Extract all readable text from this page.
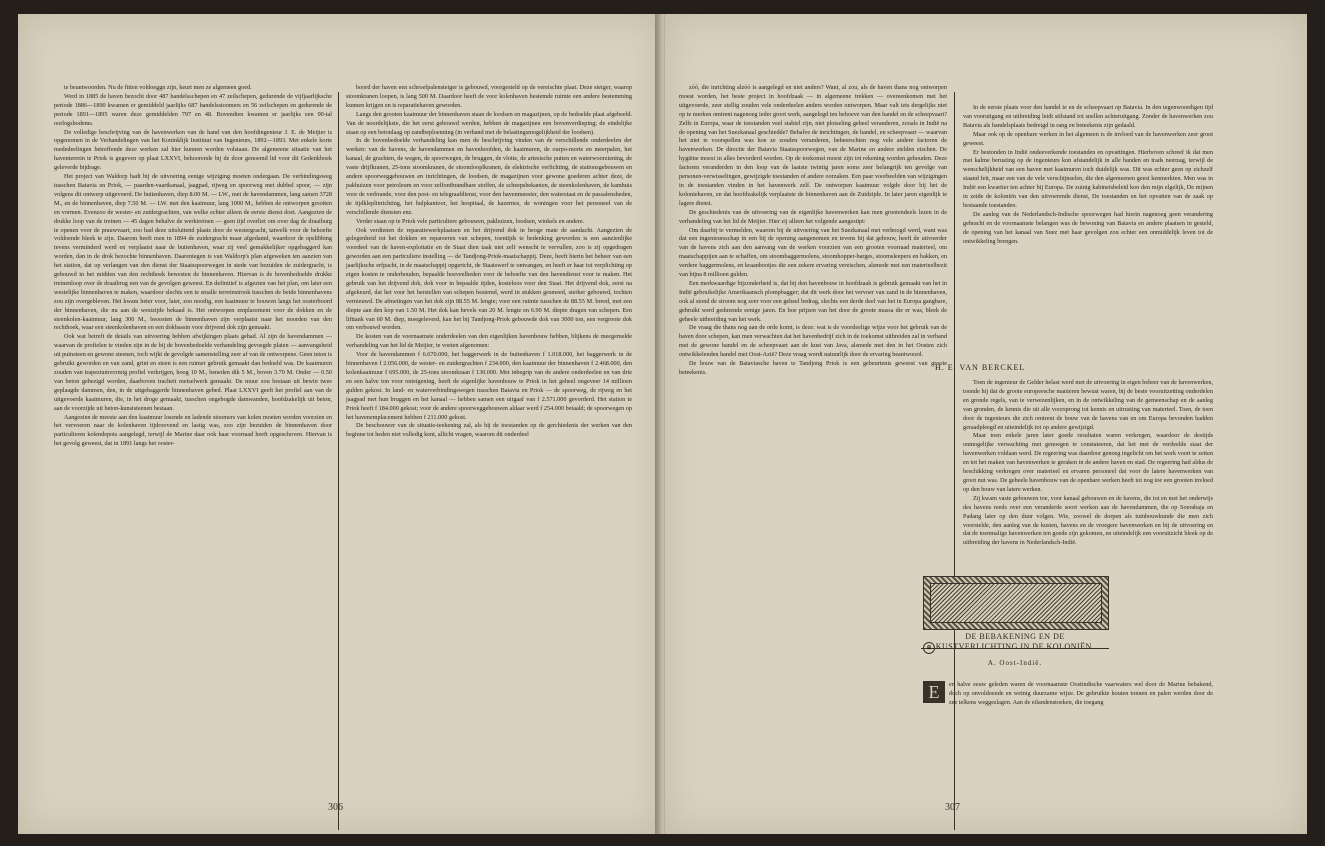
te beantwoorden. Nu de fitten voldoeggn zijn, keurt men ze algemeen goed.

Werd in 1885 de haven bezocht door 487 handelsschepen en 47 zeilschepen, gedurende de vijfjaarlijksche periode 1886—1890 kwamen er gemiddeld jaarlijks 687 handelsstoomers en 56 zeilschepen en gedurende de periode 1891—1895 waren deze gemiddelden 797 en 48. Bovendien kwamen er jaarlijks een 90-tal oorlogsbodems.

De volledige beschrijving van de havenwerken van de hand van den hoofdingenieur J. E. de Meijier is opgenomen in de Verhandelingen van het Koninklijk Instituut van Ingenieurs, 1892—1893. Met enkele korte mededeelingen betreffende deze werken zal hier kunnen worden volstaan. De algemeene situatie van het haventerrein te Priok is gegeven op plaat LXXVI, behoorende bij de door genoemd lid voor dit Gedenkboek geleverde bijdrage.

Het project van Waldorp hadt bij de uitvoering eenige wijziging moeten ondergaan. De verbindingsweg tusschen Batavia en Priok, — paarden-vaartkanaal, jaagpad, rijweg en spoorweg met dubbel spoor, — zijn volgens dit ontwerp uitgevoerd. De buitenhaven, diep 8.00 M. — LW., met de havendammen, lang samen 3728 M., en de binnenhaven, diep 7.50 M. — LW. met den kaaimuur, lang 1000 M., hebben de ontworpen grootten en vormen. Evenzoo de wester- en zuidergrachten, van welke echter alleen de eerste dienst doet. Aangezien de drukke loop van de treinen — 45 dagen behalve de werktreinen — geen tijd overliet om over dag de draaiburg te openen voor de prauwvaart, zoo had deze uitsluitend plaats door de westergracht, tatwelk voor de behoefte voldoende bleek te zijn. Daarom heeft men in 1894 de zuidergracht maar afgedamd, waardoor de opslibbing tevens verminderd werd en verplaatst naar de buitenhaven, waar zij veel gemakkelijker opgebaggerd kan worden, dan in de drok bezochte binnenhaven. Daarentegen is van Waldorp's plan afgeweken ten aanzien van het station, dat op verlangen van den dienst der Staatsspoorwegen in stede van bezuiden de zuidergracht, is gebouwd in het midden van den rechthoek bewesten de binnenhaven. Hiervan is de bovenbedoelde drukke treinenloop over de draaibrug een van de gevolgen geweest. En definitief is afgezien van het plan, om later een westelijke binnenhaven te maken, waardoor slechts een te smalle terreinstrook tusschen de beide binnenhavens zou zijn overgebleven. Het kwam beter voor, later, zoo noodig, een kaaimuur te bouwen langs het oosterboord der binnenhaven, die nu aan de westzijde bekaad is. Het ontworpen emplacement voor de dokken en de steenkolen-kaaimuur, lang 300 M., beoosten de binnenhaven zijn verplaatst naar het noorden van den rechthoek, waar een steenkolenhaven en een dokbassin voor drijvend dok zijn gemaakt.

Ook wat betreft de details van uitvoering hebben afwijkingen plaats gehad. Al zijn de havendammen — waarvan de profielen te vinden zijn in de bij de bovenbedoelde verhandeling gevoegde platen — aanvangsheid uit puinsteen en gewone steenen, toch wijkt de gevolgde samenstelling zeer af van de ontworpene. Geen teton is gebruikt geworden en van zand, grint en steen is een ruimer gebruik gemaakt dan bedoeld was. De kaaimuren zouden van trapeziumvormig profiel verkrijgen, hoog 10 M., beneden dik 5 M., boven 3.70 M. Onder — 0.50 van beton gebezigd worden, daarboven tracheit metselwerk gemaakt. De muur zou bestaan uit bewin twee geplaagde dammen, den, in de uitgebaggerde binnenhaven gebed. Plaat LXXVI geeft het profiel aan van de uitgevoerde kaaimuren, die, in het droge gemaakt, tusschen ongebogde damwanden, hoofdzakelijk uit beton, aan de voorzijde uit beton-kunststeenen bestaan.

Aangezien de meeste aan den kaaimuur losende en ladende stoomers van kolen moeten worden voorzien en het vervoeren naar de kolenhaven tijdroovend en lastig was, zoo zijn bezuiden de binnenhaven door particulieren kolendepots aangelegd, terwijl de Marine daar ook haar voorraad heeft opgeschoven. Hiervan is het gevolg geweest, dat in 1891 langs het ooster-

boord der haven een schroefpalensteiger is gebouwd, voorgesteld op de vereischte plaat. Deze steiger, waarop stoomkranen loopen, is lang 500 M. Daardoor heeft de voor kolenhaven bestemde ruimte een andere bestemming kunnen krijgen en is reparatiehaven geworden.

Langs den grooten kaaimuur der binnenhaven staan de loodsen en magazijnen, op de bedoelde plaat afgebeeld. Van de noordelijkste, die het eerst gebouwd werden, hebben de magazijnen een bovenverdieping; de eindelijke staan op een betonlaag op zandbeploenning (in verband met de belastingsmogelijkheid der loodsen).

In de bovenbedoelde verhandeling kan men de beschrijving vinden van de verschillende onderdeelen der werken: van de havens, de havendammen en havenhoofden, de kaaimuren, de ourpo-morte en meerpalen, het kanaal, de grachten, de wegen, de spoorwegen, de bruggen, de vlotte, de artesische putten en waterwoorziening, de vaste drijfkranen, 25-tons stoomkranen, de stoomlooplkranen, de elektrische verlichting, de stationsgebouwen en andere spoorweggebouwen en inrichtingen, de loodsen, de magazijnen voor gewone goederen achter deze, de pakhuizen voor petroleum en voor zelfontbrandbare stoffen, de scheepsbekanten, de steenkolenhaven, de kamhuis voor de verbrande, voor den post- en telegraafdienst, voor den havenmeester, den waterstaat en de passalensheden, de tijdkleplinrichting, het hulpkantoor, het hospitaal, de kazernes, de woningen voor het personeel van de verschillende diensten enz.

Verder staan op te Priok vele particuliere gebouwen, pakhuizen, loodsen, winkels en andere.

Ook verdienen de reparatiewerkplaatsen en het drijvend dok in beoge mate de aandacht. Aangezien de gelegenheid tot het dokken en repareeren van schepen, toentijds te bedenking geworden is een aanzienlijke voordeel van de haven-exploitatie en de Staat dien taak niet zelf wenscht te vervullen, zoo is zij opgedragen geworden aan een particuliere instelling — de Tandjong-Priok-maatschappij. Deze, heeft hierin het beheer van een jaarlijksche erfpacht, in de maatschappij opgericht, de Staatswerf te ontvangen, en heeft er haar tot verplichting op eigen kosten te onderhouden, bepaalde hoeveelheden voor de behoefte van den havendienst voor te maken. Het gebruik van het drijvend dok, dok voor in bepaalde tijden, kosteloos voor den Staat. Het drijvend dok, eerst na afgekeurd, dat het voor het herstellen van schepen bestemd, werd in stukken gesmeed, sterker gebouwd, tochten vernieuwd. De afmetingen van het dok zijn 88.55 M. lengte; voor een ruimte tusschen de 88.55 M. breed, met een diepte aan den kop van 1.50 M. Het dok kan hevels van 20 M. lengte en 6.90 M. diepte dragen van schepen. Een lifttank van 60 M. diep, meegeleverd, kan het bij Tandjong-Priok gebouwde dok van 3000 ton, een vergroote dok om verbouwd worden.

De kosten van de voornaamste onderdeelen van den eigenlijken havenbouw hebben, blijkens de meegemelde verhandeling van het lid de Meijier, te voeten afgenomen:

Voor de havendammen f 6.670.000, het baggerwerk in de buitenhaven f 1.018.000, het baggerwerk in de binnenhaven f 2.056.000, de wester- en zuidergrachten f 234.000, den kaaimuur der binnenhaven f 2.468.000, den kolenkaaimuur f 695.000, de 25-tons stoomkraan f 130.000. Met inbegrip van de andere onderdeelen en van drie en een halve ton voor onteigening, heeft de eigenlijke havenbouw te Priok in het geheel ongeveer 14 millioen gulden gekost. In land- en waterverbindingswegen tusschen Batavia en Priok — de spoorweg, de rijweg en het jaagpad met hun bruggen en het kanaal — hebben samen een uitgaaf van f 2.571.000 gevorderd. Het station te Priok heeft f 184.000 gekost; voor de andere spoorweggebouwen aldaar werd f 254.000 betaald; de spoorwegen op het havenemplacement hebben f 211.000 gekost.

De beschouwer van de situatie-teekening zal, als hij de toestanden op de gerchiedenis der werken van den beginne tot heden niet volledig kent, allicht vragen, waarom dit onderdeel

306

zóó, die inrichting alzóó is aangelegd en niet anders? Want, al zou, als de haven thans nog ontworpen moest worden, het beste project in hoofdzaak — in algemeene trekken — overeenkomen met het uitgevoerde, zeer stellig zouden vele onderdeelen anders worden ontworpen. Maar valt iets dergelijks niet op te merken omtrent nagenoeg ieder groot werk, aangelegd ten behoeve van den handel en de scheepvaart? Zelfs in Europa, waar de toestanden veel stabiel zijn, niet plotseling geheel veranderen, zooals in Indië na de opening van het Suezkanaal geschiedde? Behalve de inrichtingen, de handel, en scheepvaart — waarvan het niet te voorspellen was hoe ze zouden veranderen, beheerschten nog vele andere factoren de havenwerken. De directie der Batavia Staatsspoorwegen, van de Marine en andere stelden eischen. De hygiëne moest in alles bevorderd worden. Op de toekomst moest zijn tot rekening worden gehouden. Deze factoren veranderden in den loop van de laatste twintig jaren soms zeer belangrijk ten gevolge van personen-verwisselingen, gewijzigde toestanden of andere oorzaken. Een paar voorbeelden van wijzigingen in de toestanden vinden in het havenwerk zelf. De ontworpen kaaimuur volgde door bij het de koloniehaven, en dat hoofdzakelijk verplaatste de binnenhaven aan de Zuidzijde. In later jaren eigenlijk te lagere dienst.

De geschiedenis van de uitvoering van de eigenlijke havenwerken kan men grootendeels lezen in de verhandeling van het lid de Meijier. Hier zij alleen het volgende aangestipt:

Om daarbij te vermelden, waarom bij de uitvoering van het Suezkanaal met verhoogd werd, want was dat een ingenieursschap in een bij de opening aangenomen en tevens bij dat gebouw, heeft de uitvoerder van de havens zich aan den aanvang van de werken voorzien van een grooten voorraad materieel, om maatschappijen aan te schaffen, om stoombaggermolens, stoomhopper-barges, stoomsleepers en bakken, en verdere baggermolens, en kraanbootjes die een zekere ervaring vereischen, alsmede met een materieelbezit van bijna 8 millioen gulden.

Een merkwaardige bijzonderheid is, dat bij den havenbouw in hoofdzaak is gebruik gemaakt van het in Indië gebruikelijke Amerikaansch plompbagger; dat dit werk door het vervoer van zand in de binnenhaven, ook al stond de stroom nog zeer voor een geheel bedrag, slechts een derde deel van het in Europa gangbare, gebruikt werd gedurende eenige jaren. En hoe prijzen van het door de groote massa die er was, bleek de geheele uitbreiding van het werk.

De vraag die thans nog aan de orde komt, is deze: wat is de voordeelige wijze voor het gebruik van de haven door schepen, kan men verwachten dat het havenbedrijf zich in de toekomst uitbreiden zal in verband met de gewone handel en de scheepvaart aan de kust van Java, alsmede met den in het Oosten zich ontwikkelenden handel met Oost-Azië? Deze vraag wordt natuurlijk door de ervaring beantwoord.

De bouw van de Bataviasche haven te Tandjong Priok is een gebeurtenis geweest van groote beteekenis.

In de eerste plaats voor den handel te en de scheepvaart op Batavia. In den tegenwoordigen tijd van vooruitgang en uitbreiding leidt stilstand tot snellen achteruitgang. Zonder de havenwerken zou Batavia als handelsplaats bedreigd in rang en beteekenis zijn gedaald.

Maar ook op de openbare werken in het algemeen is de invloed van de havenwerken zeer groot geweest.

Er bestonden in Indië ondeeverkende toestanden en opvattingen. Hierboven schreef ik dat men met kalme berusting op de ingenieurs kon afstandelijk in alle handen en trads neerzag, terwijl de wenschelijkheid van een haven met kaaimuren toch duidelijk was. Dit was echter geen op zichzelf staand feit, maar een van de vele verschijnselen, die den algemeenen geest kenmerkten. Men was in Indië een kwartier ten achter bij Europa. De zuinig kabinetsbeleid kon den mijn elgelijk, De mijnen in zeide de koloniën van den uitvoerende dienst, De toestanden en het opvatten van de zaak op bestaande toestanden.

De aanleg van de Nederlandsch-Indische spoorwegen had hierin nagenoeg geen verandering gebracht en de voornaamste belangen was de bewoning van Batavia en andere plaatsen in gesteld, de opening van het kanaal van Suez met haar gevolgen zou echter een onmiddelijk leven tot de ontwikkeling brengen.

H. E. VAN BERCKEL

Toen de ingenieur de Gelder helast werd met de uitvoering in eigen beheer van de havenwerken, toonde hij dat de groote europeesche manieren bewust waren, bij de beste vooruitzetting onderdelen en gronde regels, van te verwezenlijken, en in de ontwikkeling van de gemeenschap en de aanleg van gronden, de kennis die uit alle voorsprong tot kennis en uitrusting van materieel. Toen, de toen door de ingenieurs die zich omtrent de bouw van de havens van en om Europa bevonden hadden geraadpleegd en uiteindelijk tot op andere gewijzigd.

Maar toen enkele jaren later goede resultaten waren verkregen, waardoor de destijds onmogelijke verwachting met genoegen te constateeren, dat het met de verdeelde staat der havenwerken voldaan werd. De regeering was daardoor genoeg ingelicht om het werk voort te zetten en tot het maken van havenwerken te geraken in de andere haven en stad. De regeering had aldus de beschikking verkregen over materieel en ervaren personeel dat voor de latere havenwerken van groot nut was. De geheele havenbouw van de openbare werken heeft tot nog toe een grooten invloed op den bouw van latere werken.

Zij kwam vaste gebouwen toe, voor kanaal gebouwen en de havens, die tot en met het onderwijs des havens reeds over een veranderde soort werken aan de havendammen, die op Soerabaja en Padang later op den duur volgen. Wie, zoowel de dorpen als tuinbouwkunde die men zich voorstelde, den aanleg van de kusten, havens en de vroegere havenwerken en bij de uitvoering en dat de toenmalige havenwerken ten goede zijn gekomen, en uiteindelijk een vooruitzicht bleek op de uitbreiding der havens in Nederlandsch-Indië.

DE BEBAKENING EN DE KUSTVERLICHTING IN DE KOLONIËN.
⊕
A. Oost-Indië.
E	en halve eeuw geleden waren de voornaamste Oostindische vaarwaters wel door de Marine bebakend, doch op onvoldoende en weinig duurzame wijze. De gebruikte houten tonnen en palen werden door de zee telkens weggeslagen. Aan de eilandenstoeken, die toegang

307
